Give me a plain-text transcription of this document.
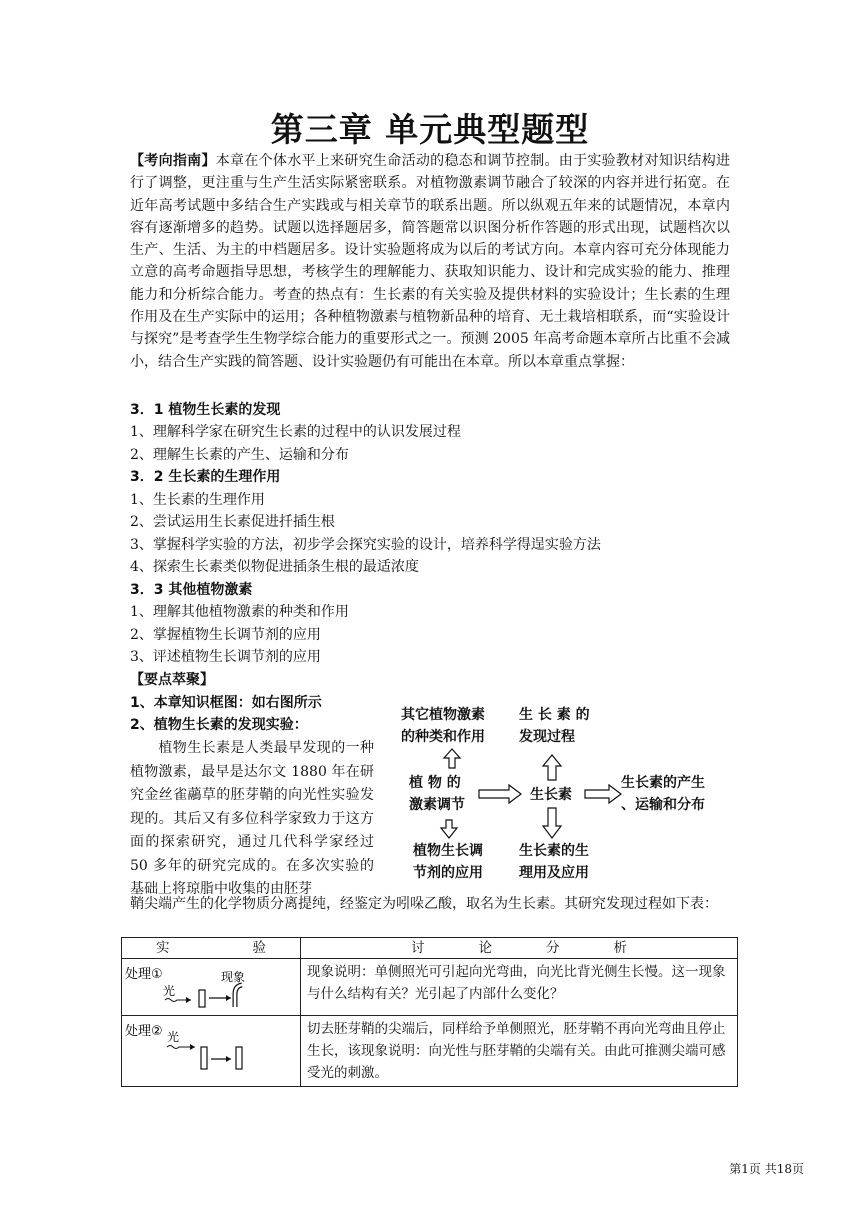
第三章 单元典型题型
【考向指南】本章在个体水平上来研究生命活动的稳态和调节控制。由于实验教材对知识结构进行了调整，更注重与生产生活实际紧密联系。对植物激素调节融合了较深的内容并进行拓宽。在近年高考试题中多结合生产实践或与相关章节的联系出题。所以纵观五年来的试题情况，本章内容有逐渐增多的趋势。试题以选择题居多，简答题常以识图分析作答题的形式出现，试题档次以生产、生活、为主的中档题居多。设计实验题将成为以后的考试方向。本章内容可充分体现能力立意的高考命题指导思想，考核学生的理解能力、获取知识能力、设计和完成实验的能力、推理能力和分析综合能力。考查的热点有：生长素的有关实验及提供材料的实验设计；生长素的生理作用及在生产实际中的运用；各种植物激素与植物新品种的培育、无土栽培相联系，而“实验设计与探究”是考查学生生物学综合能力的重要形式之一。预测 2005 年高考命题本章所占比重不会减小，结合生产实践的简答题、设计实验题仍有可能出在本章。所以本章重点掌握：
3．1 植物生长素的发现
1、理解科学家在研究生长素的过程中的认识发展过程
2、理解生长素的产生、运输和分布
3．2 生长素的生理作用
1、生长素的生理作用
2、尝试运用生长素促进扦插生根
3、掌握科学实验的方法，初步学会探究实验的设计，培养科学得逞实验方法
4、探索生长素类似物促进插条生根的最适浓度
3．3 其他植物激素
1、理解其他植物激素的种类和作用
2、掌握植物生长调节剂的应用
3、评述植物生长调节剂的应用
【要点萃聚】
1、本章知识框图：如右图所示
2、植物生长素的发现实验：
植物生长素是人类最早发现的一种植物激素，最早是达尔文 1880 年在研究金丝雀虉草的胚芽鞘的向光性实验发现的。其后又有多位科学家致力于这方面的探索研究，通过几代科学家经过 50 多年的研究完成的。在多次实验的基础上将琼脂中收集的由胚芽
其它植物激素
的种类和作用
生 长 素 的
发现过程
植 物 的
激素调节
生长素
生长素的产生
、运输和分布
植物生长调
节剂的应用
生长素的生
理用及应用
鞘尖端产生的化学物质分离提纯，经鉴定为吲哚乙酸，取名为生长素。其研究发现过程如下表：
实 验	讨 论 分 析

处理①
光
现象	现象说明：单侧照光可引起向光弯曲，向光比背光侧生长慢。这一现象与什么结构有关？光引起了内部什么变化？

处理② 光	切去胚芽鞘的尖端后，同样给予单侧照光，胚芽鞘不再向光弯曲且停止生长，该现象说明：向光性与胚芽鞘的尖端有关。由此可推测尖端可感受光的刺激。
第1页 共18页
